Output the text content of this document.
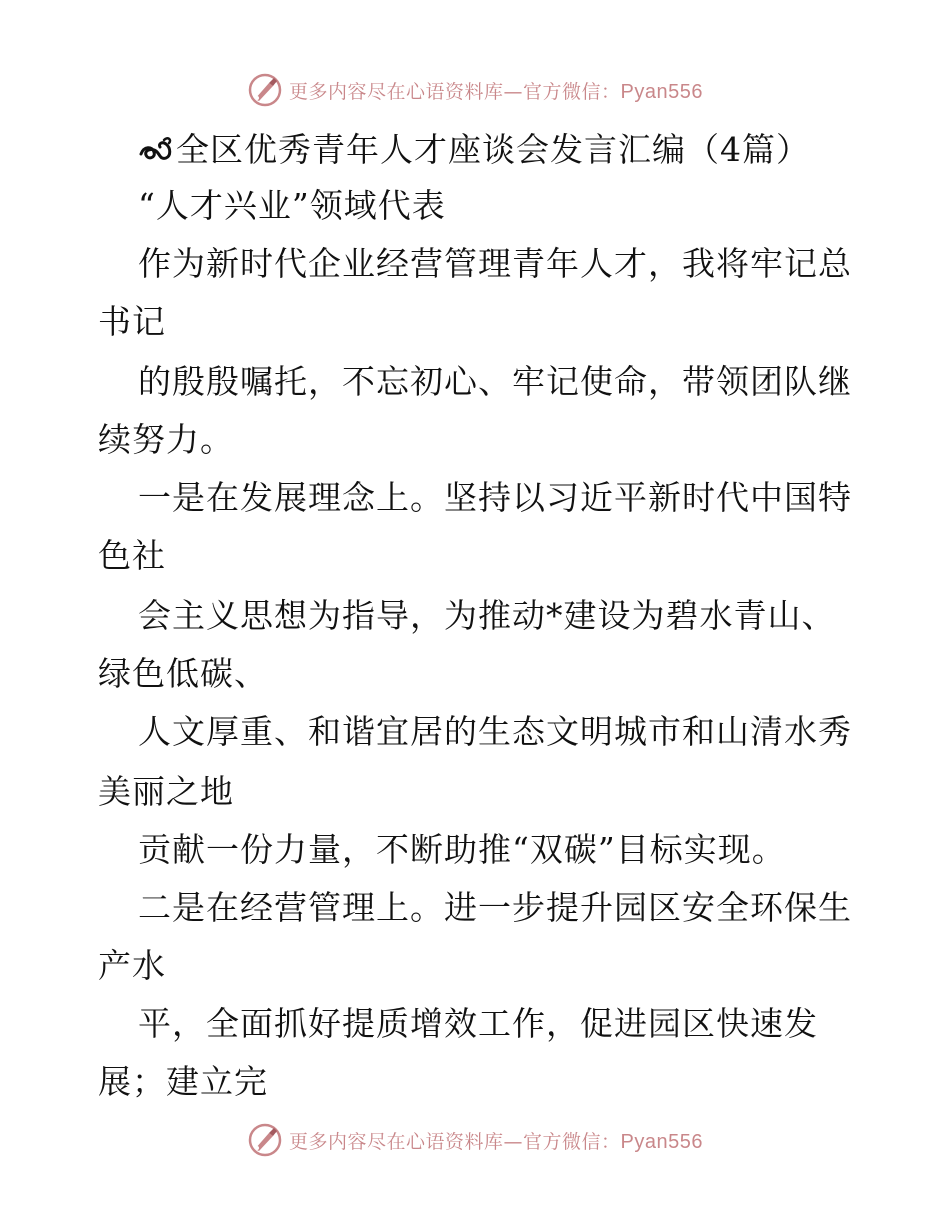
更多内容尽在心语资料库—官方微信：Pyan556
全区优秀青年人才座谈会发言汇编（4篇）
“人才兴业”领域代表
作为新时代企业经营管理青年人才，我将牢记总
书记
的殷殷嘱托，不忘初心、牢记使命，带领团队继
续努力。
一是在发展理念上。坚持以习近平新时代中国特
色社
会主义思想为指导，为推动*建设为碧水青山、
绿色低碳、
人文厚重、和谐宜居的生态文明城市和山清水秀
美丽之地
贡献一份力量，不断助推“双碳”目标实现。
二是在经营管理上。进一步提升园区安全环保生
产水
平，全面抓好提质增效工作，促进园区快速发
展；建立完
更多内容尽在心语资料库—官方微信：Pyan556
